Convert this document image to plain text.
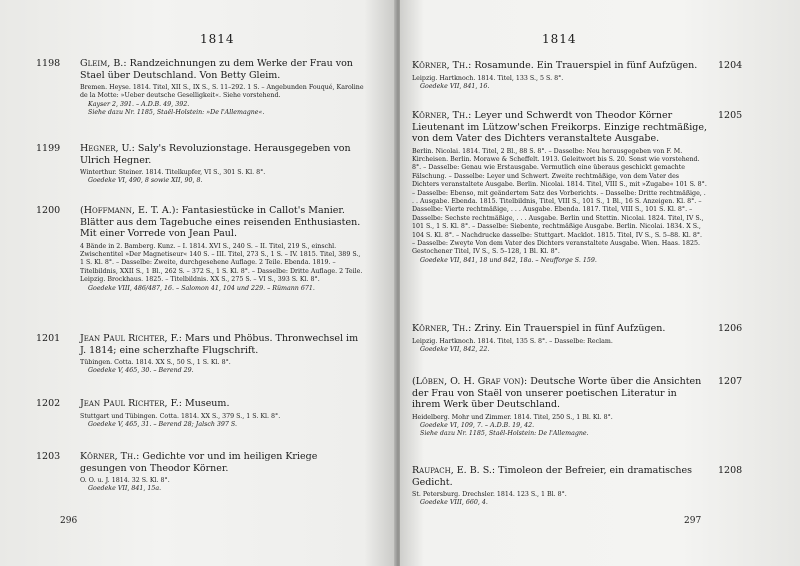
1814
1198 Gleim, B.: Randzeichnungen zu dem Werke der Frau von Stael über Deutschland. Von Betty Gleim.

Bremen. Heyse. 1814. Titel, XII S., IX S., S. 11–292. 1 S. – Angebunden Fouqué, Karoline de la Motte: »Ueber deutsche Geselligkeit«. Siehe vorstehend.

Kayser 2, 391. – A.D.B. 49, 392.

Siehe dazu Nr. 1185, Staël-Holstein: »De l'Allemagne«.

1199 Hegner, U.: Saly's Revoluzionstage. Herausgegeben von Ulrich Hegner.

Winterthur. Steiner. 1814. Titelkupfer, VI S., 301 S. Kl. 8°.

Goedeke VI, 490, 8 sowie XII, 90, 8.

1200 (Hoffmann, E. T. A.): Fantasiestücke in Callot's Manier. Blätter aus dem Tagebuche eines reisenden Enthusiasten. Mit einer Vorrede von Jean Paul.

4 Bände in 2. Bamberg. Kunz. – I. 1814. XVI S., 240 S. – II. Titel, 219 S., einschl. Zwischentitel »Der Magnetiseur« 140 S. – III. Titel, 273 S., 1 S. – IV. 1815. Titel, 389 S., 1 S. Kl. 8°. – Dasselbe: Zweite, durchgesehene Auflage. 2 Teile. Ebenda. 1819. – Titelbildnis, XXII S., 1 Bl., 262 S. – 372 S., 1 S. Kl. 8°. – Dasselbe: Dritte Auflage. 2 Teile. Leipzig. Brockhaus. 1825. – Titelbildnis. XX S., 275 S. – VI S., 393 S. Kl. 8°.

Goedeke VIII, 486/487, 16. – Salomon 41, 104 und 229. – Rümann 671.

1201 Jean Paul Richter, F.: Mars und Phöbus. Thronwechsel im J. 1814; eine scherzhafte Flugschrift.

Tübingen. Cotta. 1814. XX S., 50 S., 1 S. Kl. 8°.

Goedeke V, 465, 30. – Berend 29.

1202 Jean Paul Richter, F.: Museum.

Stuttgart und Tübingen. Cotta. 1814. XX S., 379 S., 1 S. Kl. 8°.

Goedeke V, 465, 31. – Berend 28; Jalsch 397 S.

1203 Körner, Th.: Gedichte vor und im heiligen Kriege gesungen von Theodor Körner.

O. O. u. J. 1814. 32 S. Kl. 8°.

Goedeke VII, 841, 15a.

296
1814
1204

Körner, Th.: Rosamunde. Ein Trauerspiel in fünf Aufzügen.

Leipzig. Hartknoch. 1814. Titel, 133 S., 5 S. 8°.

Goedeke VII, 841, 16.

1205

Körner, Th.: Leyer und Schwerdt von Theodor Körner Lieutenant im Lützow'schen Freikorps. Einzige rechtmäßige, von dem Vater des Dichters veranstaltete Ausgabe.

Berlin. Nicolai. 1814. Titel, 2 Bl., 88 S. 8°. – Dasselbe: Neu herausgegeben von F. M. Kircheisen. Berlin. Morawe & Scheffelt. 1913. Geleitwort bis S. 20. Sonst wie vorstehend. 8°. – Dasselbe: Genau wie Erstausgabe. Vermutlich eine überaus geschickt gemachte Fälschung. – Dasselbe: Leyer und Schwert. Zweite rechtmäßige, von dem Vater des Dichters veranstaltete Ausgabe. Berlin. Nicolai. 1814. Titel, VIII S., mit »Zugabe« 101 S. 8°. – Dasselbe: Ebenso, mit geändertem Satz des Vorberichts. – Dasselbe: Dritte rechtmäßige, . . . Ausgabe. Ebenda. 1815. Titelbildnis, Titel, VIII S., 101 S., 1 Bl., 16 S. Anzeigen. Kl. 8°. – Dasselbe: Vierte rechtmäßige, . . . Ausgabe. Ebenda. 1817. Titel, VIII S., 101 S. Kl. 8°. – Dasselbe: Sechste rechtmäßige, . . . Ausgabe. Berlin und Stettin. Nicolai. 1824. Titel, IV S., 101 S., 1 S. Kl. 8°. – Dasselbe: Siebente, rechtmäßige Ausgabe. Berlin. Nicolai. 1834. X S., 104 S. Kl. 8°. – Nachdrucke dasselbe: Stuttgart. Macklot. 1815. Titel, IV S., S. 5–88. Kl. 8°. – Dasselbe: Zweyte Von dem Vater des Dichters veranstaltete Ausgabe. Wien. Haas. 1825. Gestochener Titel, IV S., S. 5–128, 1 Bl. Kl. 8°.

Goedeke VII, 841, 18 und 842, 18a. – Neufforge S. 159.

1206

Körner, Th.: Zriny. Ein Trauerspiel in fünf Aufzügen.

Leipzig. Hartknoch. 1814. Titel, 135 S. 8°. – Dasselbe: Reclam.

Goedeke VII, 842, 22.

1207

(Löben, O. H. Graf von): Deutsche Worte über die Ansichten der Frau von Staël von unserer poetischen Literatur in ihrem Werk über Deutschland.

Heidelberg. Mohr und Zimmer. 1814. Titel, 250 S., 1 Bl. Kl. 8°.

Goedeke VI, 109, 7. – A.D.B. 19, 42.

Siehe dazu Nr. 1185, Staël-Holstein: De l'Allemagne.

1208

Raupach, E. B. S.: Timoleon der Befreier, ein dramatisches Gedicht.

St. Petersburg. Drechsler. 1814. 123 S., 1 Bl. 8°.

Goedeke VIII, 660, 4.

297
